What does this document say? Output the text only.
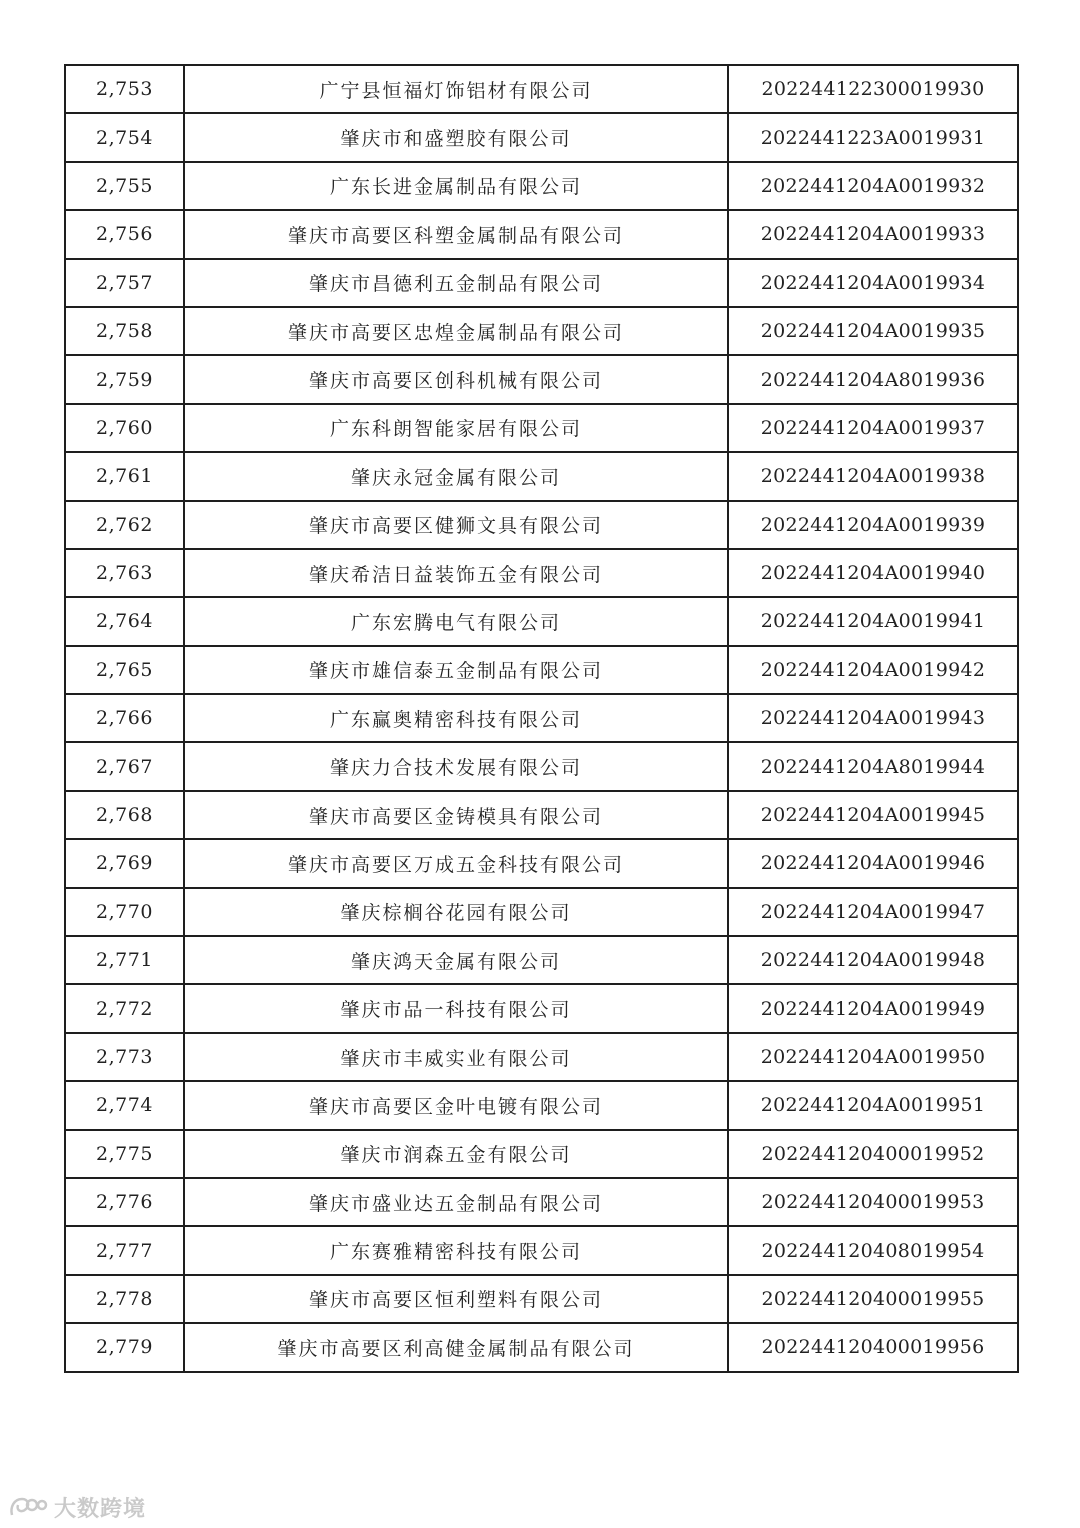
2,753	广宁县恒福灯饰铝材有限公司	202244122300019930
2,754	肇庆市和盛塑胶有限公司	2022441223A0019931
2,755	广东长进金属制品有限公司	2022441204A0019932
2,756	肇庆市高要区科塑金属制品有限公司	2022441204A0019933
2,757	肇庆市昌德利五金制品有限公司	2022441204A0019934
2,758	肇庆市高要区忠煌金属制品有限公司	2022441204A0019935
2,759	肇庆市高要区创科机械有限公司	2022441204A8019936
2,760	广东科朗智能家居有限公司	2022441204A0019937
2,761	肇庆永冠金属有限公司	2022441204A0019938
2,762	肇庆市高要区健狮文具有限公司	2022441204A0019939
2,763	肇庆希洁日益装饰五金有限公司	2022441204A0019940
2,764	广东宏腾电气有限公司	2022441204A0019941
2,765	肇庆市雄信泰五金制品有限公司	2022441204A0019942
2,766	广东赢奥精密科技有限公司	2022441204A0019943
2,767	肇庆力合技术发展有限公司	2022441204A8019944
2,768	肇庆市高要区金铸模具有限公司	2022441204A0019945
2,769	肇庆市高要区万成五金科技有限公司	2022441204A0019946
2,770	肇庆棕榈谷花园有限公司	2022441204A0019947
2,771	肇庆鸿天金属有限公司	2022441204A0019948
2,772	肇庆市品一科技有限公司	2022441204A0019949
2,773	肇庆市丰威实业有限公司	2022441204A0019950
2,774	肇庆市高要区金叶电镀有限公司	2022441204A0019951
2,775	肇庆市润森五金有限公司	202244120400019952
2,776	肇庆市盛业达五金制品有限公司	202244120400019953
2,777	广东赛雅精密科技有限公司	202244120408019954
2,778	肇庆市高要区恒利塑料有限公司	202244120400019955
2,779	肇庆市高要区利高健金属制品有限公司	202244120400019956
大数跨境
